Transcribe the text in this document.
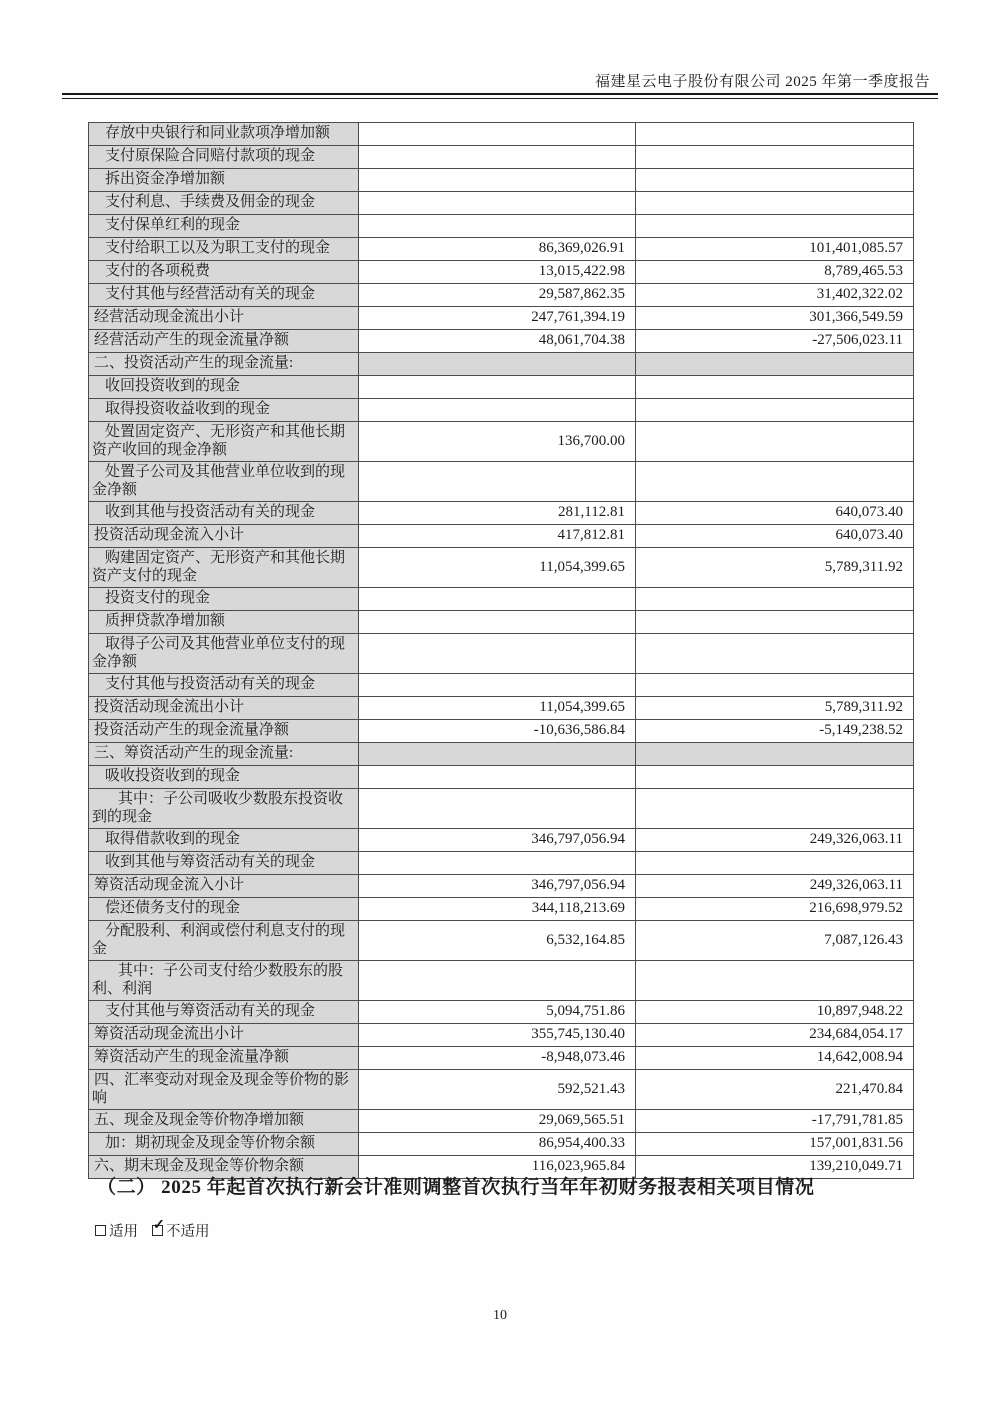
福建星云电子股份有限公司 2025 年第一季度报告
存放中央银行和同业款项净增加额		

支付原保险合同赔付款项的现金		

拆出资金净增加额		

支付利息、手续费及佣金的现金		

支付保单红利的现金		

支付给职工以及为职工支付的现金	86,369,026.91	101,401,085.57

支付的各项税费	13,015,422.98	8,789,465.53

支付其他与经营活动有关的现金	29,587,862.35	31,402,322.02

经营活动现金流出小计	247,761,394.19	301,366,549.59

经营活动产生的现金流量净额	48,061,704.38	-27,506,023.11

二、投资活动产生的现金流量:		

收回投资收到的现金		

取得投资收益收到的现金		

处置固定资产、无形资产和其他长期资产收回的现金净额	136,700.00	

处置子公司及其他营业单位收到的现金净额		

收到其他与投资活动有关的现金	281,112.81	640,073.40

投资活动现金流入小计	417,812.81	640,073.40

购建固定资产、无形资产和其他长期资产支付的现金	11,054,399.65	5,789,311.92

投资支付的现金		

质押贷款净增加额		

取得子公司及其他营业单位支付的现金净额		

支付其他与投资活动有关的现金		

投资活动现金流出小计	11,054,399.65	5,789,311.92

投资活动产生的现金流量净额	-10,636,586.84	-5,149,238.52

三、筹资活动产生的现金流量:		

吸收投资收到的现金		

其中：子公司吸收少数股东投资收到的现金		

取得借款收到的现金	346,797,056.94	249,326,063.11

收到其他与筹资活动有关的现金		

筹资活动现金流入小计	346,797,056.94	249,326,063.11

偿还债务支付的现金	344,118,213.69	216,698,979.52

分配股利、利润或偿付利息支付的现金	6,532,164.85	7,087,126.43

其中：子公司支付给少数股东的股利、利润		

支付其他与筹资活动有关的现金	5,094,751.86	10,897,948.22

筹资活动现金流出小计	355,745,130.40	234,684,054.17

筹资活动产生的现金流量净额	-8,948,073.46	14,642,008.94

四、汇率变动对现金及现金等价物的影响	592,521.43	221,470.84

五、现金及现金等价物净增加额	29,069,565.51	-17,791,781.85

加：期初现金及现金等价物余额	86,954,400.33	157,001,831.56

六、期末现金及现金等价物余额	116,023,965.84	139,210,049.71
（二） 2025 年起首次执行新会计准则调整首次执行当年年初财务报表相关项目情况
适用 ✓ 不适用
10
